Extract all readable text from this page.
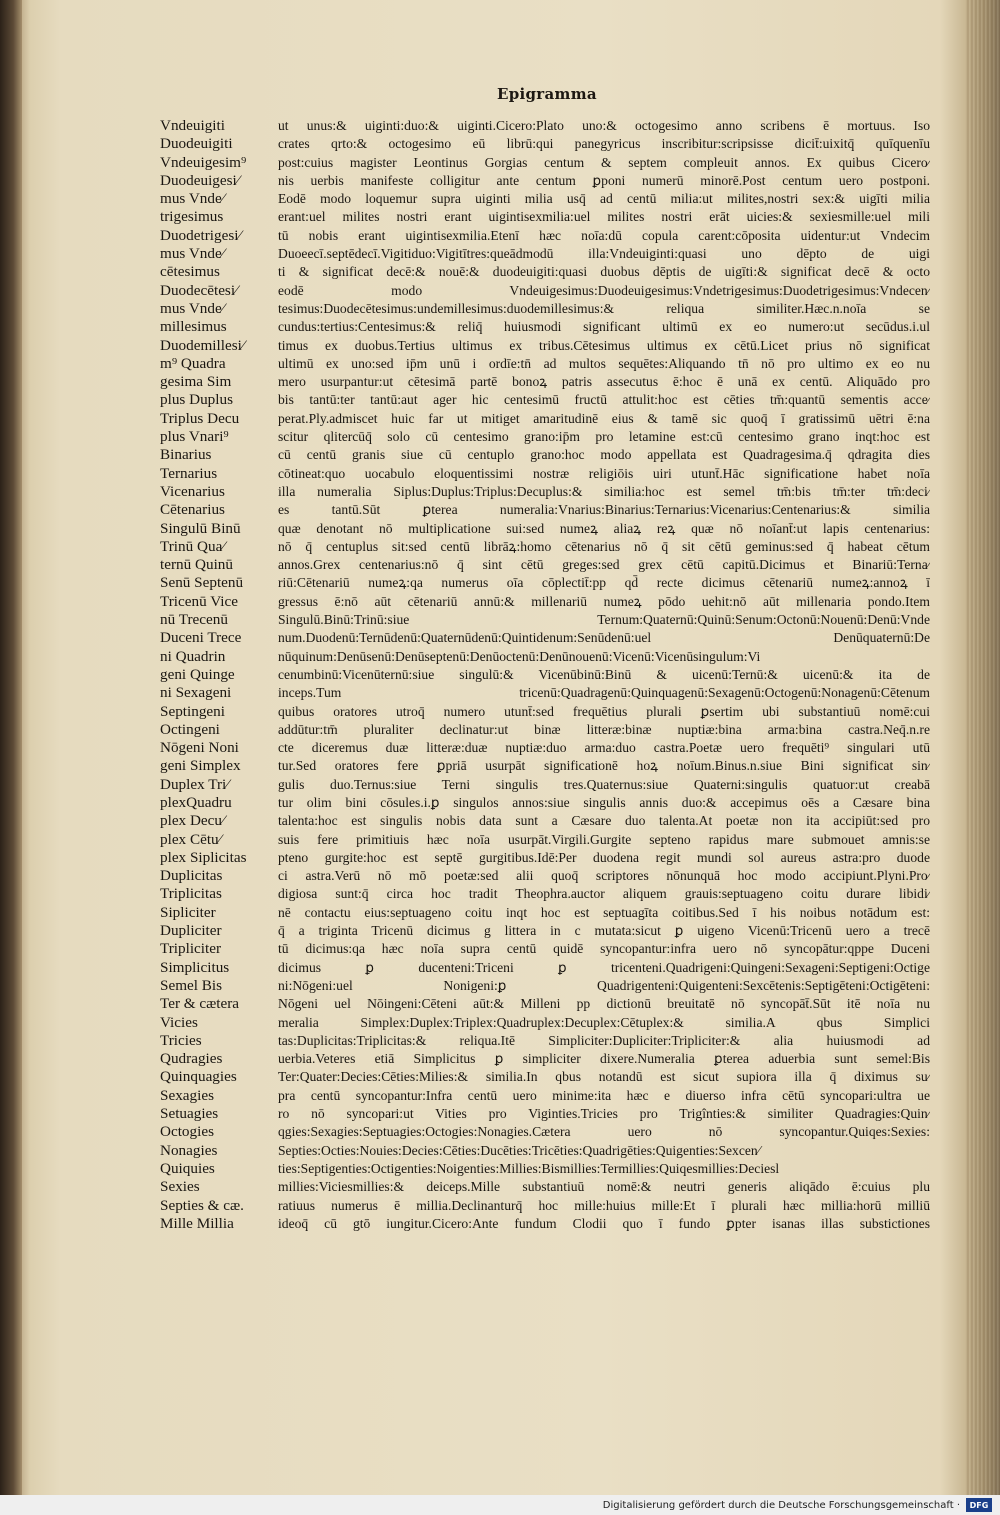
Epigramma
Vndeuigiti
Duodeuigiti
Vndeuigesim⁹
Duodeuigesi⁄
mus Vnde⁄
trigesimus
Duodetrigesi⁄
mus Vnde⁄
cētesimus
Duodecētesi⁄
mus Vnde⁄
millesimus
Duodemillesi⁄
m⁹ Quadra
gesima Sim
plus Duplus
Triplus Decu
plus Vnari⁹
Binarius
Ternarius
Vicenarius
Cētenarius
Singulū Binū
Trinū Qua⁄
ternū Quinū
Senū Septenū
Tricenū Vice
nū Trecenū
Duceni Trece
ni Quadrin
geni Quinge
ni Sexageni
Septingeni
Octingeni
Nōgeni Noni
geni Simplex
Duplex Tri⁄
plexQuadru
plex Decu⁄
plex Cētu⁄
plex Siplicitas
Duplicitas
Triplicitas
Sipliciter
Dupliciter
Tripliciter
Simplicitus
Semel Bis
Ter & cætera
Vicies
Tricies
Qudragies
Quinquagies
Sexagies
Setuagies
Octogies
Nonagies
Quiquies
Sexies
Septies & cæ.
Mille Millia
ut unus:& uiginti:duo:& uiginti.Cicero:Plato uno:& octogesimo anno scribens ē mortuus. Iso
crates qrto:& octogesimo eū librū:qui panegyricus inscribitur:scripsisse dicit̄:uixitq̄ quīquenīu
post:cuius magister Leontinus Gorgias centum & septem compleuit annos. Ex quibus Cicero⁄
nis uerbis manifeste colligitur ante centum ꝑponi numerū minorē.Post centum uero postponi.
Eodē modo loquemur supra uiginti milia usq̄ ad centū milia:ut milites,nostri sex:& uigīti milia
erant:uel milites nostri erant uigintisexmilia:uel milites nostri erāt uicies:& sexiesmille:uel mili
tū nobis erant uigintisexmilia.Etenī hæc noīa:dū copula carent:cōposita uidentur:ut Vndecim
Duoeecī.septēdecī.Vigitiduo:Vigitītres:queādmodū illa:Vndeuiginti:quasi uno dēpto de uigi
ti & significat decē:& nouē:& duodeuigiti:quasi duobus dēptis de uigīti:& significat decē & octo
eodē modo Vndeuigesimus:Duodeuigesimus:Vndetrigesimus:Duodetrigesimus:Vndecen⁄
tesimus:Duodecētesimus:undemillesimus:duodemillesimus:& reliqua similiter.Hæc.n.noīa se
cundus:tertius:Centesimus:& reliq̄ huiusmodi significant ultimū ex eo numero:ut secūdus.i.ul
timus ex duobus.Tertius ultimus ex tribus.Cētesimus ultimus ex cētū.Licet prius nō significat
ultimū ex uno:sed ip̄m unū i ordīe:tn̄ ad multos sequētes:Aliquando tn̄ nō pro ultimo ex eo nu
mero usurpantur:ut cētesimā partē bonoꝝ patris assecutus ē:hoc ē unā ex centū. Aliquādo pro
bis tantū:ter tantū:aut ager hic centesimū fructū attulit:hoc est cēties tm̄:quantū sementis acce⁄
perat.Ply.admiscet huic far ut mitiget amaritudinē eius & tamē sic quoq̄ ī gratissimū uētri ē:na
scitur qlitercūq̄ solo cū centesimo grano:ip̄m pro letamine est:cū centesimo grano inqt:hoc est
cū centū granis siue cū centuplo grano:hoc modo appellata est Quadragesima.q̄ qdragita dies
cōtineat:quo uocabulo eloquentissimi nostræ religiōis uiri utunt̄.Hāc significatione habet noīa
illa numeralia Siplus:Duplus:Triplus:Decuplus:& similia:hoc est semel tm̄:bis tm̄:ter tm̄:deci⁄
es tantū.Sūt ꝑterea numeralia:Vnarius:Binarius:Ternarius:Vicenarius:Centenarius:& similia
quæ denotant nō multiplicatione sui:sed numeꝝ aliaꝝ reꝝ quæ nō noīant̄:ut lapis centenarius:
nō q̄ centuplus sit:sed centū librāꝝ:homo cētenarius nō q̄ sit cētū geminus:sed q̄ habeat cētum
annos.Grex centenarius:nō q̄ sint cētū greges:sed grex cētū capitū.Dicimus et Binariū:Terna⁄
riū:Cētenariū numeꝝ:qa numerus oīa cōplectit̄:pp qd̄ recte dicimus cētenariū numeꝝ:annoꝝ ī
gressus ē:nō aūt cētenariū annū:& millenariū numeꝝ pōdo uehit:nō aūt millenaria pondo.Item
Singulū.Binū:Trinū:siue Ternum:Quaternū:Quinū:Senum:Octonū:Nouenū:Denū:Vnde
num.Duodenū:Ternūdenū:Quaternūdenū:Quintidenum:Senūdenū:uel Denūquaternū:De
nūquinum:Denūsenū:Denūseptenū:Denūoctenū:Denūnouenū:Vicenū:Vicenūsingulum:Vi
cenumbinū:Vicenūternū:siue singulū:& Vicenūbinū:Binū & uicenū:Ternū:& uicenū:& ita de
inceps.Tum tricenū:Quadragenū:Quinquagenū:Sexagenū:Octogenū:Nonagenū:Cētenum
quibus oratores utroq̄ numero utunt̄:sed frequētius plurali ꝑsertim ubi substantiuū nomē:cui
addūtur:tm̄ pluraliter declinatur:ut binæ litteræ:binæ nuptiæ:bina arma:bina castra.Neq̄.n.re
cte diceremus duæ litteræ:duæ nuptiæ:duo arma:duo castra.Poetæ uero frequēti⁹ singulari utū
tur.Sed oratores fere ꝑpriā usurpāt significationē hoꝝ noīum.Binus.n.siue Bini significat sin⁄
gulis duo.Ternus:siue Terni singulis tres.Quaternus:siue Quaterni:singulis quatuor:ut creabā
tur olim bini cōsules.i.ꝑ singulos annos:siue singulis annis duo:& accepimus oēs a Cæsare bina
talenta:hoc est singulis nobis data sunt a Cæsare duo talenta.At poetæ non ita accipiūt:sed pro
suis fere primitiuis hæc noīa usurpāt.Virgili.Gurgite septeno rapidus mare submouet amnis:se
pteno gurgite:hoc est septē gurgitibus.Idē:Per duodena regit mundi sol aureus astra:pro duode
ci astra.Verū nō mō poetæ:sed alii quoq̄ scriptores nōnunquā hoc modo accipiunt.Plyni.Pro⁄
digiosa sunt:q̄ circa hoc tradit Theophra.auctor aliquem grauis:septuageno coitu durare libidi⁄
nē contactu eius:septuageno coitu inqt hoc est septuagīta coitibus.Sed ī his noibus notādum est:
q̄ a triginta Tricenū dicimus g littera in c mutata:sicut ꝑ uigeno Vicenū:Tricenū uero a trecē
tū dicimus:qa hæc noīa supra centū quidē syncopantur:infra uero nō syncopātur:qppe Duceni
dicimus ꝑ ducenteni:Triceni ꝑ tricenteni.Quadrigeni:Quingeni:Sexageni:Septigeni:Octige
ni:Nōgeni:uel Nonigeni:ꝑ Quadrigenteni:Quigenteni:Sexcētenis:Septigēteni:Octigēteni:
Nōgeni uel Nōingeni:Cēteni aūt:& Milleni pp dictionū breuitatē nō syncopāt̄.Sūt itē noīa nu
meralia Simplex:Duplex:Triplex:Quadruplex:Decuplex:Cētuplex:& similia.A qbus Simplici
tas:Duplicitas:Triplicitas:& reliqua.Itē Simpliciter:Dupliciter:Tripliciter:& alia huiusmodi ad
uerbia.Veteres etiā Simplicitus ꝑ simpliciter dixere.Numeralia ꝑterea aduerbia sunt semel:Bis
Ter:Quater:Decies:Cēties:Milies:& similia.In qbus notandū est sicut supiora illa q̄ diximus su⁄
pra centū syncopantur:Infra centū uero minime:ita hæc e diuerso infra cētū syncopari:ultra ue
ro nō syncopari:ut Vities pro Viginties.Tricies pro Trigînties:& similiter Quadragies:Quin⁄
qgies:Sexagies:Septuagies:Octogies:Nonagies.Cætera uero nō syncopantur.Quiqes:Sexies:
Septies:Octies:Nouies:Decies:Cēties:Ducēties:Tricēties:Quadrigēties:Quigenties:Sexcen⁄
ties:Septigenties:Octigenties:Noigenties:Millies:Bismillies:Termillies:Quiqesmillies:Deciesl
millies:Viciesmillies:& deiceps.Mille substantiuū nomē:& neutri generis aliqādo ē:cuius plu
ratiuus numerus ē millia.Declinanturq̄ hoc mille:huius mille:Et ī plurali hæc millia:horū milliū
ideoq̄ cū gtō iungitur.Cicero:Ante fundum Clodii quo ī fundo ꝑpter isanas illas substictiones
Digitalisierung gefördert durch die Deutsche Forschungsgemeinschaft ·	DFG
